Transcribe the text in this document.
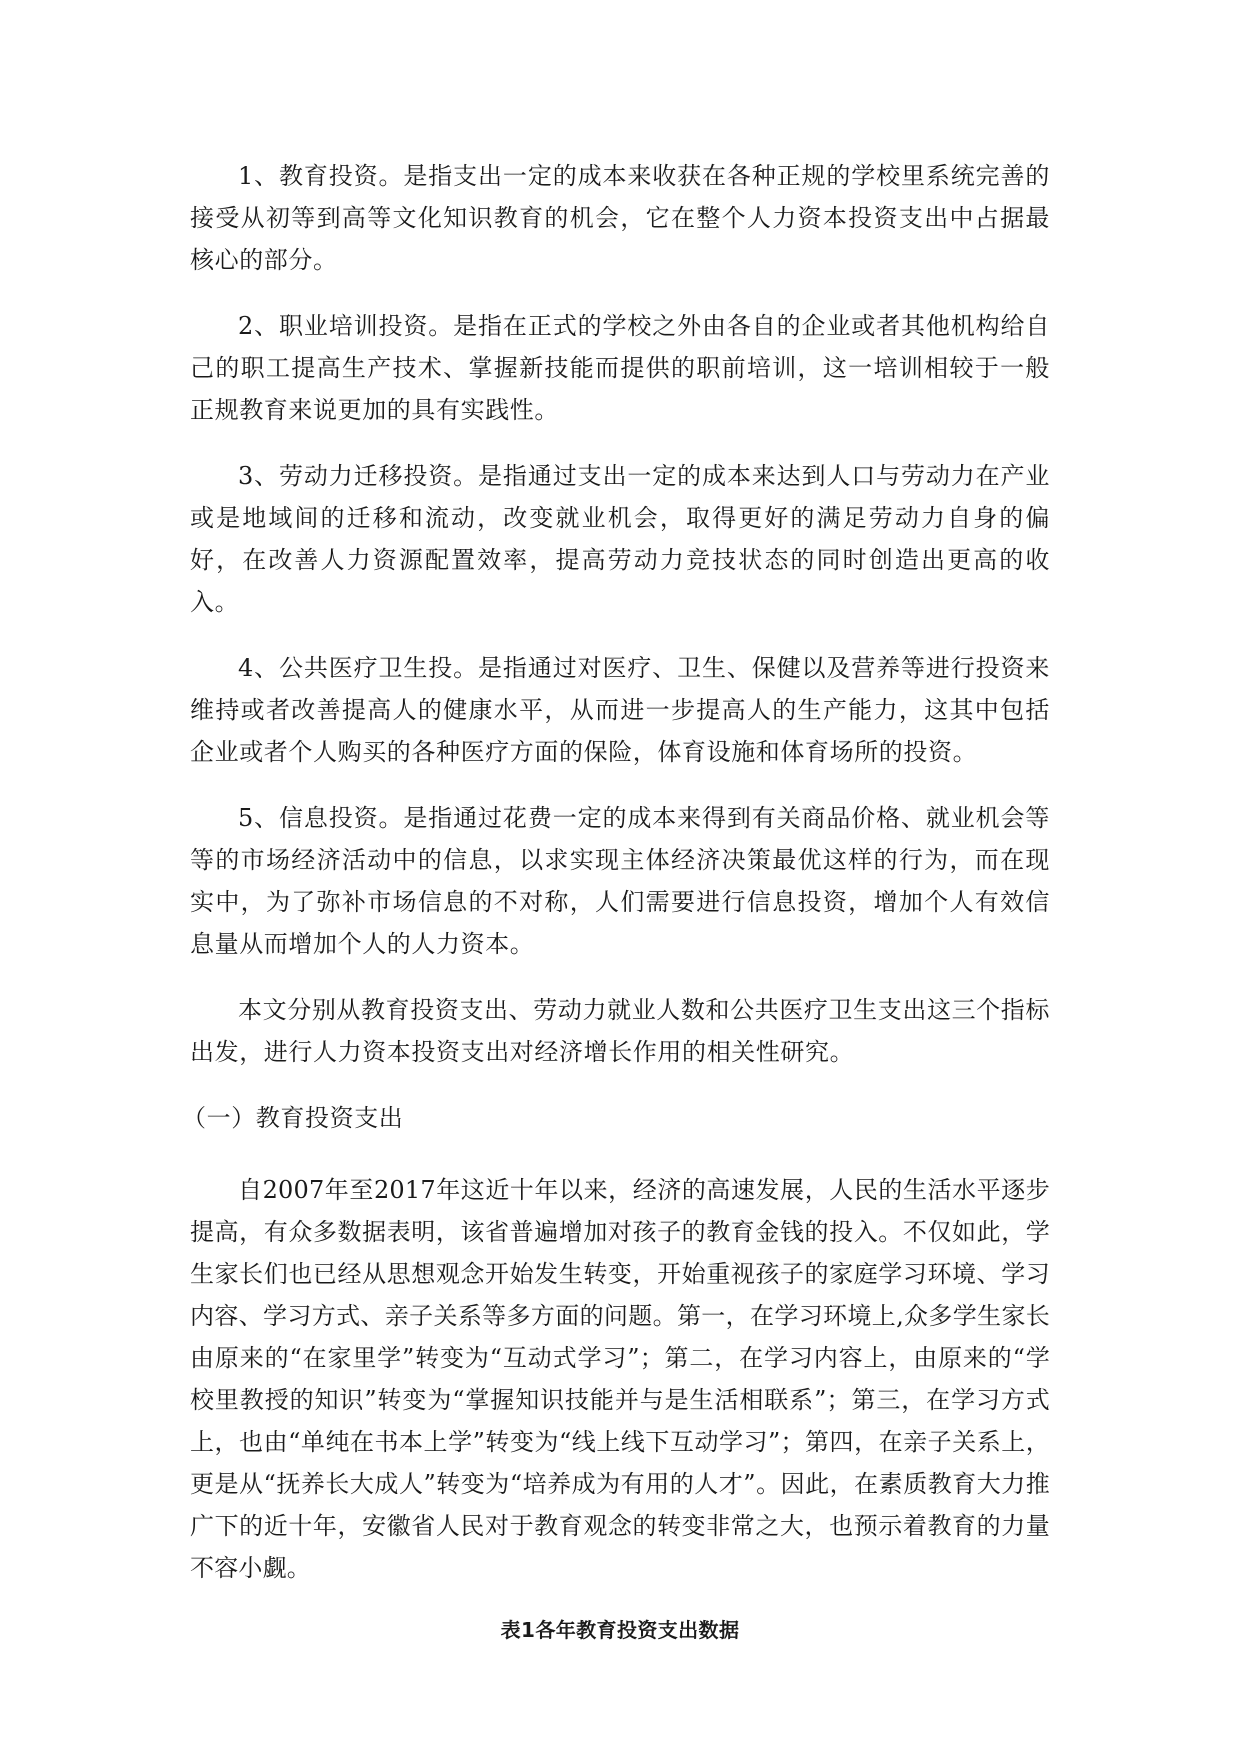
1、教育投资。是指支出一定的成本来收获在各种正规的学校里系统完善的接受从初等到高等文化知识教育的机会，它在整个人力资本投资支出中占据最核心的部分。

2、职业培训投资。是指在正式的学校之外由各自的企业或者其他机构给自己的职工提高生产技术、掌握新技能而提供的职前培训，这一培训相较于一般正规教育来说更加的具有实践性。

3、劳动力迁移投资。是指通过支出一定的成本来达到人口与劳动力在产业或是地域间的迁移和流动，改变就业机会，取得更好的满足劳动力自身的偏好，在改善人力资源配置效率，提高劳动力竞技状态的同时创造出更高的收入。

4、公共医疗卫生投。是指通过对医疗、卫生、保健以及营养等进行投资来维持或者改善提高人的健康水平，从而进一步提高人的生产能力，这其中包括企业或者个人购买的各种医疗方面的保险，体育设施和体育场所的投资。

5、信息投资。是指通过花费一定的成本来得到有关商品价格、就业机会等等的市场经济活动中的信息，以求实现主体经济决策最优这样的行为，而在现实中，为了弥补市场信息的不对称，人们需要进行信息投资，增加个人有效信息量从而增加个人的人力资本。

本文分别从教育投资支出、劳动力就业人数和公共医疗卫生支出这三个指标出发，进行人力资本投资支出对经济增长作用的相关性研究。

（一）教育投资支出

自2007年至2017年这近十年以来，经济的高速发展，人民的生活水平逐步提高，有众多数据表明，该省普遍增加对孩子的教育金钱的投入。不仅如此，学生家长们也已经从思想观念开始发生转变，开始重视孩子的家庭学习环境、学习内容、学习方式、亲子关系等多方面的问题。第一，在学习环境上,众多学生家长由原来的“在家里学”转变为“互动式学习”；第二，在学习内容上，由原来的“学校里教授的知识”转变为“掌握知识技能并与是生活相联系”；第三，在学习方式上，也由“单纯在书本上学”转变为“线上线下互动学习”；第四，在亲子关系上，更是从“抚养长大成人”转变为“培养成为有用的人才”。因此，在素质教育大力推广下的近十年，安徽省人民对于教育观念的转变非常之大，也预示着教育的力量不容小觑。

表1各年教育投资支出数据
